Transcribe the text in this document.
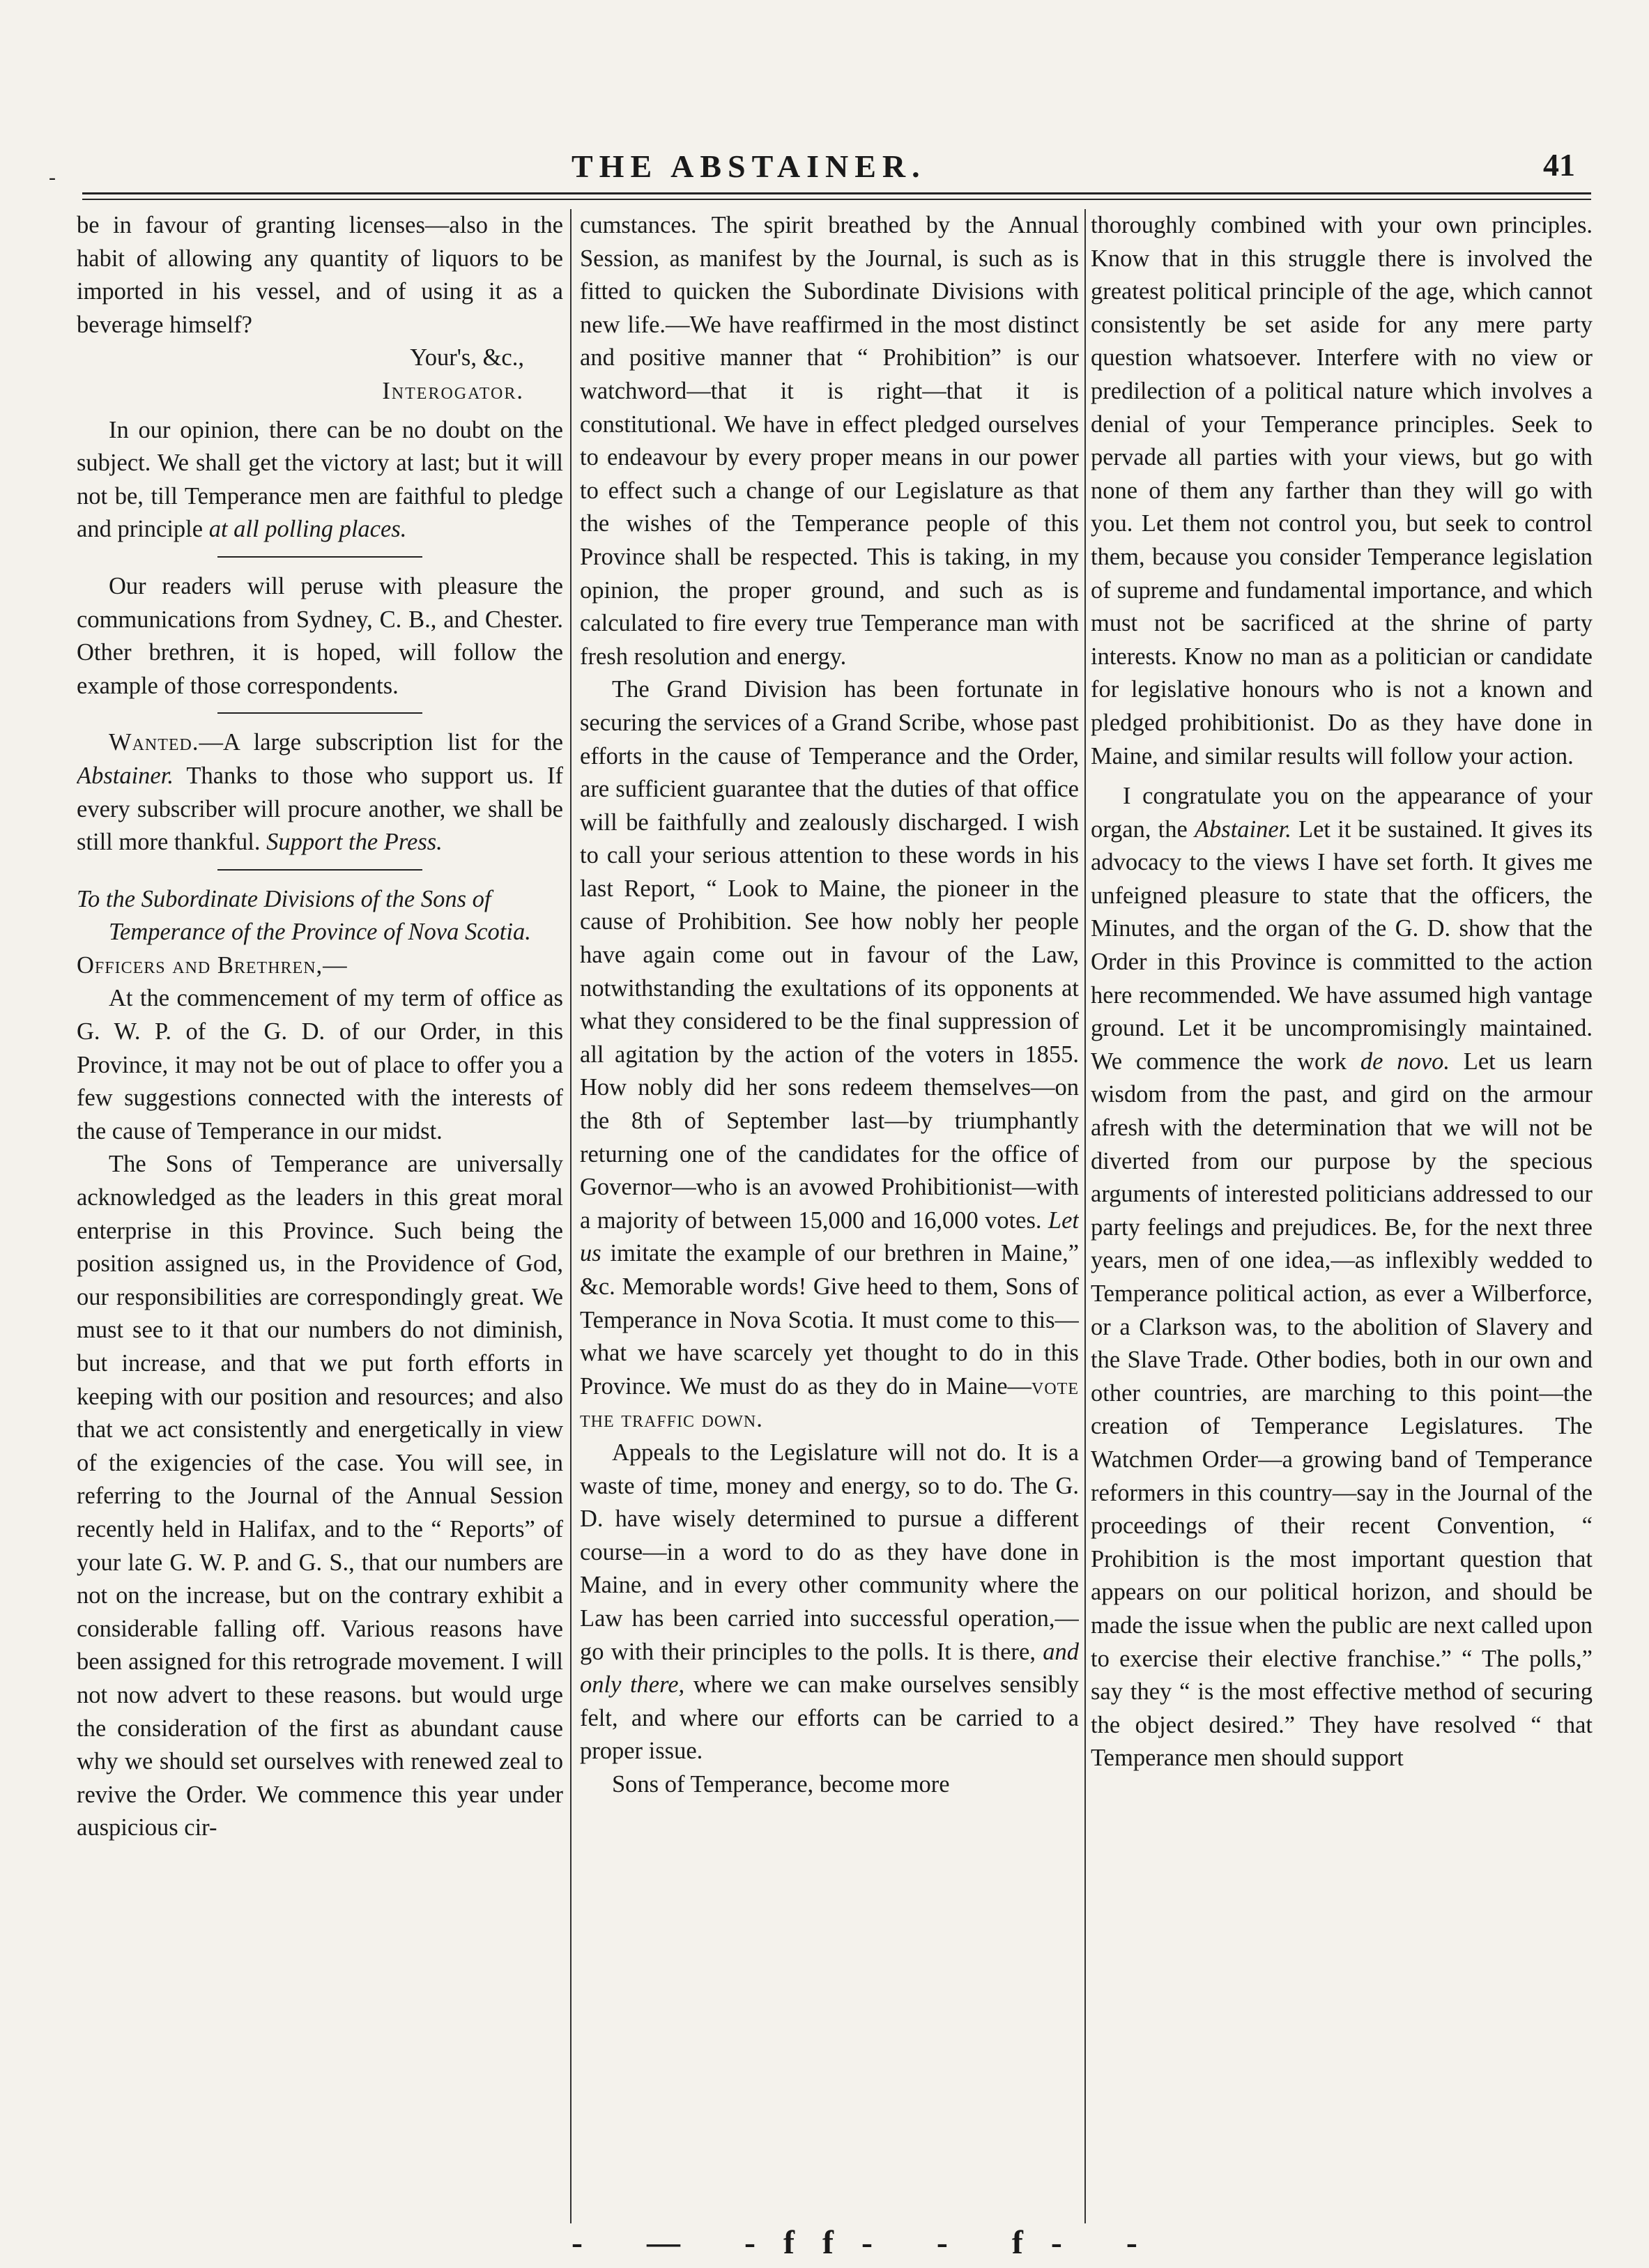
-	THE ABSTAINER.	41

be in favour of granting licenses—also in the habit of allowing any quantity of liquors to be imported in his vessel, and of using it as a beverage himself?

Your's, &c.,

Interogator.

In our opinion, there can be no doubt on the subject. We shall get the victory at last; but it will not be, till Temperance men are faithful to pledge and principle at all polling places.

Our readers will peruse with pleasure the communications from Sydney, C. B., and Chester. Other brethren, it is hoped, will follow the example of those correspondents.

Wanted.—A large subscription list for the Abstainer. Thanks to those who support us. If every subscriber will procure another, we shall be still more thankful. Support the Press.

To the Subordinate Divisions of the Sons of Temperance of the Province of Nova Scotia.

Officers and Brethren,—

At the commencement of my term of office as G. W. P. of the G. D. of our Order, in this Province, it may not be out of place to offer you a few suggestions connected with the interests of the cause of Temperance in our midst.

The Sons of Temperance are universally acknowledged as the leaders in this great moral enterprise in this Province. Such being the position assigned us, in the Providence of God, our responsibilities are correspondingly great. We must see to it that our numbers do not diminish, but increase, and that we put forth efforts in keeping with our position and resources; and also that we act consistently and energetically in view of the exigencies of the case. You will see, in referring to the Journal of the Annual Session recently held in Halifax, and to the “ Reports” of your late G. W. P. and G. S., that our numbers are not on the increase, but on the contrary exhibit a considerable falling off. Various reasons have been assigned for this retrograde movement. I will not now advert to these reasons. but would urge the consideration of the first as abundant cause why we should set ourselves with renewed zeal to revive the Order. We commence this year under auspicious cir-

cumstances. The spirit breathed by the Annual Session, as manifest by the Journal, is such as is fitted to quicken the Subordinate Divisions with new life.—We have reaffirmed in the most distinct and positive manner that “ Prohibition” is our watchword—that it is right—that it is constitutional. We have in effect pledged ourselves to endeavour by every proper means in our power to effect such a change of our Legislature as that the wishes of the Temperance people of this Province shall be respected. This is taking, in my opinion, the proper ground, and such as is calculated to fire every true Temperance man with fresh resolution and energy.

The Grand Division has been fortunate in securing the services of a Grand Scribe, whose past efforts in the cause of Temperance and the Order, are sufficient guarantee that the duties of that office will be faithfully and zealously discharged. I wish to call your serious attention to these words in his last Report, “ Look to Maine, the pioneer in the cause of Prohibition. See how nobly her people have again come out in favour of the Law, notwithstanding the exultations of its opponents at what they considered to be the final suppression of all agitation by the action of the voters in 1855. How nobly did her sons redeem themselves—on the 8th of September last—by triumphantly returning one of the candidates for the office of Governor—who is an avowed Prohibitionist—with a majority of between 15,000 and 16,000 votes. Let us imitate the example of our brethren in Maine,” &c. Memorable words! Give heed to them, Sons of Temperance in Nova Scotia. It must come to this—what we have scarcely yet thought to do in this Province. We must do as they do in Maine—vote the traffic down.

Appeals to the Legislature will not do. It is a waste of time, money and energy, so to do. The G. D. have wisely determined to pursue a different course—in a word to do as they have done in Maine, and in every other community where the Law has been carried into successful operation,—go with their principles to the polls. It is there, and only there, where we can make ourselves sensibly felt, and where our efforts can be carried to a proper issue.

Sons of Temperance, become more

thoroughly combined with your own principles. Know that in this struggle there is involved the greatest political principle of the age, which cannot consistently be set aside for any mere party question whatsoever. Interfere with no view or predilection of a political nature which involves a denial of your Temperance principles. Seek to pervade all parties with your views, but go with none of them any farther than they will go with you. Let them not control you, but seek to control them, because you consider Temperance legislation of supreme and fundamental importance, and which must not be sacrificed at the shrine of party interests. Know no man as a politician or candidate for legislative honours who is not a known and pledged prohibitionist. Do as they have done in Maine, and similar results will follow your action.

I congratulate you on the appearance of your organ, the Abstainer. Let it be sustained. It gives its advocacy to the views I have set forth. It gives me unfeigned pleasure to state that the officers, the Minutes, and the organ of the G. D. show that the Order in this Province is committed to the action here recommended. We have assumed high vantage ground. Let it be uncompromisingly maintained. We commence the work de novo. Let us learn wisdom from the past, and gird on the armour afresh with the determination that we will not be diverted from our purpose by the specious arguments of interested politicians addressed to our party feelings and prejudices. Be, for the next three years, men of one idea,—as inflexibly wedded to Temperance political action, as ever a Wilberforce, or a Clarkson was, to the abolition of Slavery and the Slave Trade. Other bodies, both in our own and other countries, are marching to this point—the creation of Temperance Legislatures. The Watchmen Order—a growing band of Temperance reformers in this country—say in the Journal of the proceedings of their recent Convention, “ Prohibition is the most important question that appears on our political horizon, and should be made the issue when the public are next called upon to exercise their elective franchise.” “ The polls,” say they “ is the most effective method of securing the object desired.” They have resolved “ that Temperance men should support

- — -ff- - f- -
